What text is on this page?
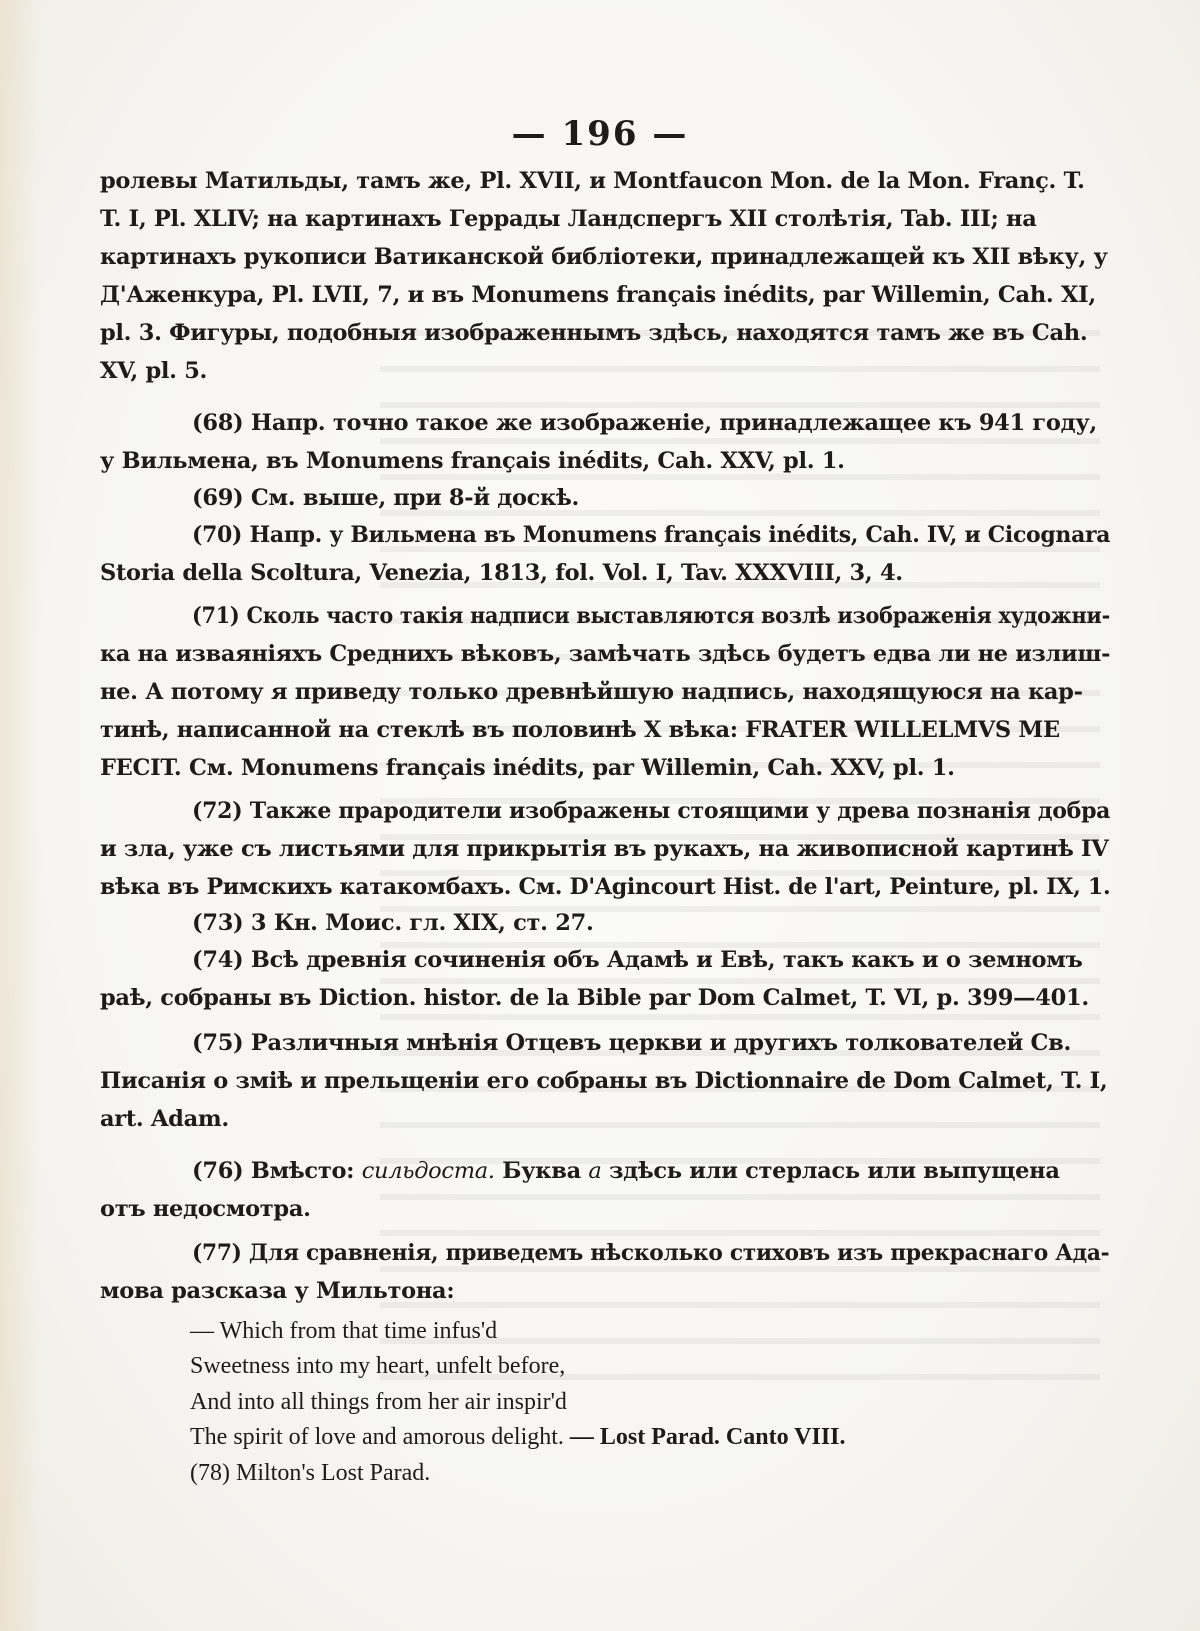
— 196 —
ролевы Матильды, тамъ же, Pl. XVII, и Montfaucon Mon. de la Mon. Franç. T.
T. I, Pl. XLIV; на картинахъ Геррады Ландспергъ XII столѣтія, Tab. III; на
картинахъ рукописи Ватиканской библіотеки, принадлежащей къ XII вѣку, у
Д'Аженкура, Pl. LVII, 7, и въ Monumens français inédits, par Willemin, Cah. XI,
pl. 3. Фигуры, подобныя изображеннымъ здѣсь, находятся тамъ же въ Cah.
XV, pl. 5.
(68) Напр. точно такое же изображеніе, принадлежащее къ 941 году,
у Вильмена, въ Monumens français inédits, Cah. XXV, pl. 1.
(69) См. выше, при 8-й доскѣ.
(70) Напр. у Вильмена въ Monumens français inédits, Cah. IV, и Cicognara
Storia della Scoltura, Venezia, 1813, fol. Vol. I, Tav. XXXVIII, 3, 4.
(71) Сколь часто такія надписи выставляются возлѣ изображенія художни-
ка на изваяніяхъ Среднихъ вѣковъ, замѣчать здѣсь будетъ едва ли не излиш-
не. А потому я приведу только древнѣйшую надпись, находящуюся на кар-
тинѣ, написанной на стеклѣ въ половинѣ X вѣка: FRATER WILLELMVS ME
FECIT. См. Monumens français inédits, par Willemin, Cah. XXV, pl. 1.
(72) Также прародители изображены стоящими у древа познанія добра
и зла, уже съ листьями для прикрытія въ рукахъ, на живописной картинѣ IV
вѣка въ Римскихъ катакомбахъ. См. D'Agincourt Hist. de l'art, Peinture, pl. IX, 1.
(73) 3 Кн. Моис. гл. XIX, ст. 27.
(74) Всѣ древнія сочиненія объ Адамѣ и Евѣ, такъ какъ и о земномъ
раѣ, собраны въ Diction. histor. de la Bible par Dom Calmet, T. VI, p. 399—401.
(75) Различныя мнѣнія Отцевъ церкви и другихъ толкователей Св.
Писанія о змiѣ и прельщеніи его собраны въ Dictionnaire de Dom Calmet, T. I,
art. Adam.
(76) Вмѣсто: сильдоста. Буква a здѣсь или стерлась или выпущена
отъ недосмотра.
(77) Для сравненія, приведемъ нѣсколько стиховъ изъ прекраснаго Ада-
мова разсказа у Мильтона:
— Which from that time infus'd
Sweetness into my heart, unfelt before,
And into all things from her air inspir'd
The spirit of love and amorous delight. — Lost Parad. Canto VIII.
(78) Milton's Lost Parad.
